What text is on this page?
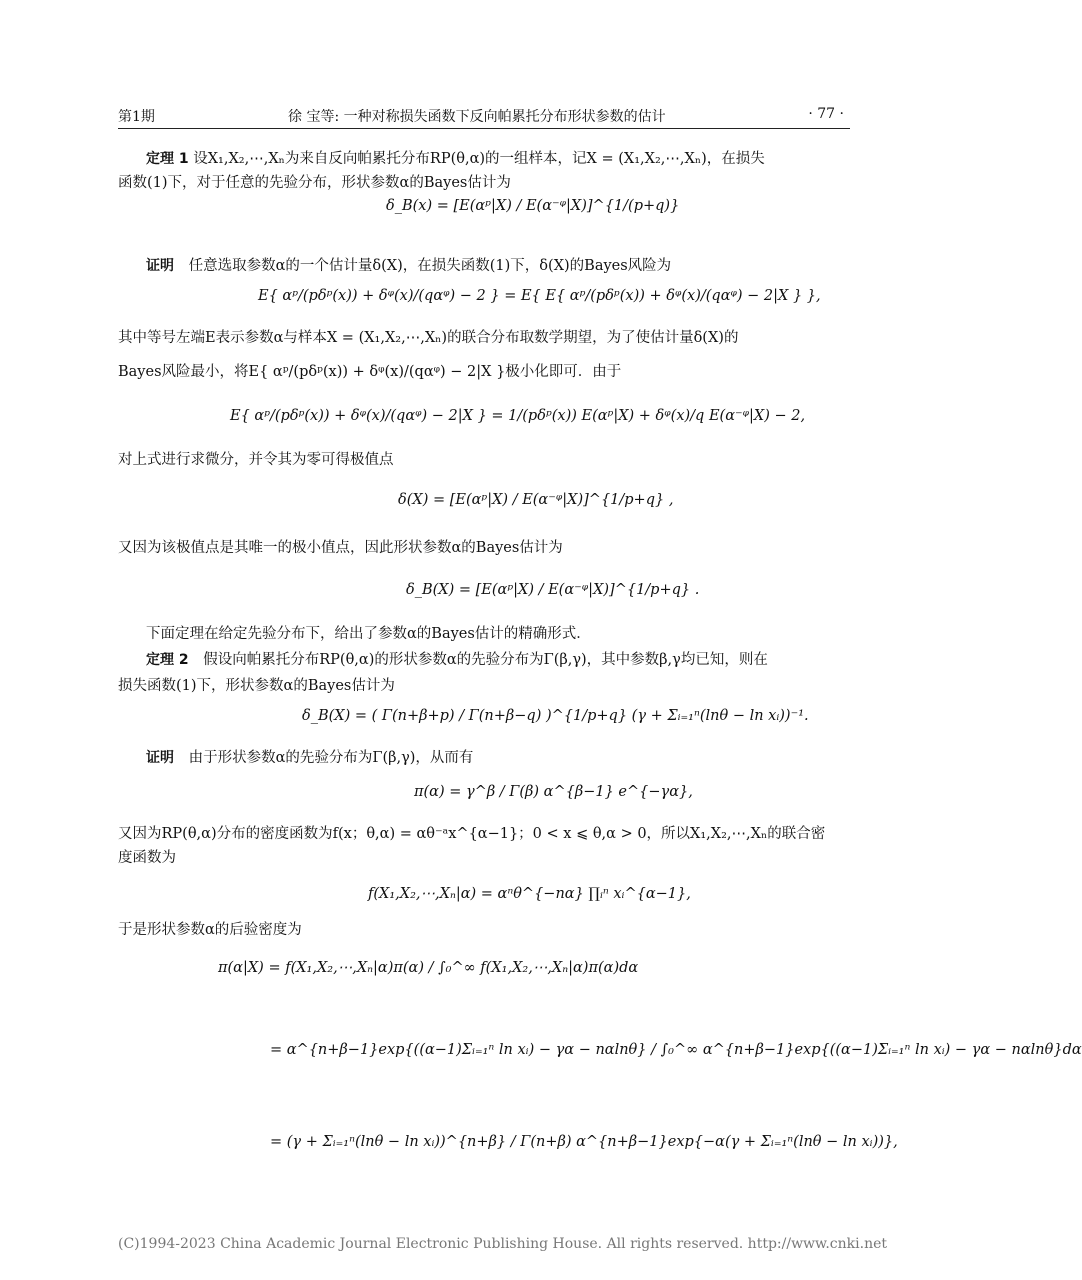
第1期	徐 宝等: 一种对称损失函数下反向帕累托分布形状参数的估计	· 77 ·
定理 1 设X₁,X₂,⋯,Xₙ为来自反向帕累托分布RP(θ,α)的一组样本，记X = (X₁,X₂,⋯,Xₙ)，在损失
函数(1)下，对于任意的先验分布，形状参数α的Bayes估计为
δ_B(x) = [E(αᵖ|X) / E(α⁻ᵠ|X)]^{1/(p+q)}
证明 任意选取参数α的一个估计量δ(X)，在损失函数(1)下，δ(X)的Bayes风险为
E{ αᵖ/(pδᵖ(x)) + δᵠ(x)/(qαᵠ) − 2 } = E{ E{ αᵖ/(pδᵖ(x)) + δᵠ(x)/(qαᵠ) − 2|X } },
其中等号左端E表示参数α与样本X = (X₁,X₂,⋯,Xₙ)的联合分布取数学期望，为了使估计量δ(X)的
Bayes风险最小，将E{ αᵖ/(pδᵖ(x)) + δᵠ(x)/(qαᵠ) − 2|X }极小化即可．由于
E{ αᵖ/(pδᵖ(x)) + δᵠ(x)/(qαᵠ) − 2|X } = 1/(pδᵖ(x)) E(αᵖ|X) + δᵠ(x)/q E(α⁻ᵠ|X) − 2,
对上式进行求微分，并令其为零可得极值点
δ(X) = [E(αᵖ|X) / E(α⁻ᵠ|X)]^{1/p+q} ,
又因为该极值点是其唯一的极小值点，因此形状参数α的Bayes估计为
δ_B(X) = [E(αᵖ|X) / E(α⁻ᵠ|X)]^{1/p+q} .
下面定理在给定先验分布下，给出了参数α的Bayes估计的精确形式．
定理 2 假设向帕累托分布RP(θ,α)的形状参数α的先验分布为Γ(β,γ)，其中参数β,γ均已知，则在
损失函数(1)下，形状参数α的Bayes估计为
δ_B(X) = ( Γ(n+β+p) / Γ(n+β−q) )^{1/p+q} (γ + Σᵢ₌₁ⁿ(lnθ − ln xᵢ))⁻¹.
证明 由于形状参数α的先验分布为Γ(β,γ)，从而有
π(α) = γ^β / Γ(β) α^{β−1} e^{−γα},
又因为RP(θ,α)分布的密度函数为f(x；θ,α) = αθ⁻ᵃx^{α−1}；0 < x ⩽ θ,α > 0，所以X₁,X₂,⋯,Xₙ的联合密
度函数为
f(X₁,X₂,⋯,Xₙ|α) = αⁿθ^{−nα} ∏ᵢⁿ xᵢ^{α−1},
于是形状参数α的后验密度为
π(α|X) = f(X₁,X₂,⋯,Xₙ|α)π(α) / ∫₀^∞ f(X₁,X₂,⋯,Xₙ|α)π(α)dα
= α^{n+β−1}exp{((α−1)Σᵢ₌₁ⁿ ln xᵢ) − γα − nαlnθ} / ∫₀^∞ α^{n+β−1}exp{((α−1)Σᵢ₌₁ⁿ ln xᵢ) − γα − nαlnθ}dα
= (γ + Σᵢ₌₁ⁿ(lnθ − ln xᵢ))^{n+β} / Γ(n+β) α^{n+β−1}exp{−α(γ + Σᵢ₌₁ⁿ(lnθ − ln xᵢ))},
(C)1994-2023 China Academic Journal Electronic Publishing House. All rights reserved. http://www.cnki.net
